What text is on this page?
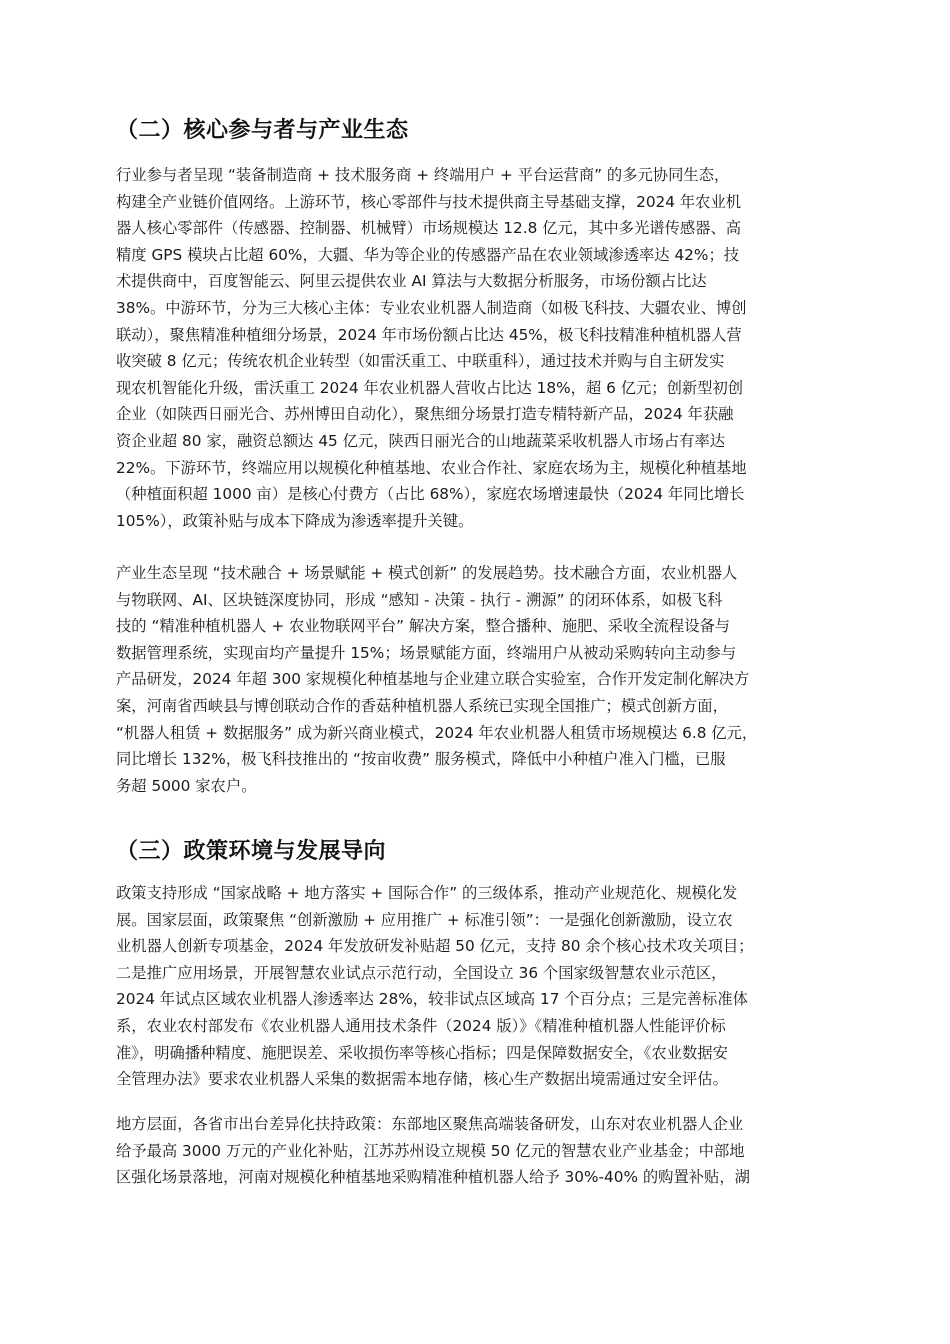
（二）核心参与者与产业生态
行业参与者呈现 “装备制造商 + 技术服务商 + 终端用户 + 平台运营商” 的多元协同生态，
构建全产业链价值网络。上游环节，核心零部件与技术提供商主导基础支撑，2024 年农业机
器人核心零部件（传感器、控制器、机械臂）市场规模达 12.8 亿元，其中多光谱传感器、高
精度 GPS 模块占比超 60%，大疆、华为等企业的传感器产品在农业领域渗透率达 42%；技
术提供商中，百度智能云、阿里云提供农业 AI 算法与大数据分析服务，市场份额占比达
38%。中游环节，分为三大核心主体：专业农业机器人制造商（如极飞科技、大疆农业、博创
联动），聚焦精准种植细分场景，2024 年市场份额占比达 45%，极飞科技精准种植机器人营
收突破 8 亿元；传统农机企业转型（如雷沃重工、中联重科），通过技术并购与自主研发实
现农机智能化升级，雷沃重工 2024 年农业机器人营收占比达 18%，超 6 亿元；创新型初创
企业（如陕西日丽光合、苏州博田自动化），聚焦细分场景打造专精特新产品，2024 年获融
资企业超 80 家，融资总额达 45 亿元，陕西日丽光合的山地蔬菜采收机器人市场占有率达
22%。下游环节，终端应用以规模化种植基地、农业合作社、家庭农场为主，规模化种植基地
（种植面积超 1000 亩）是核心付费方（占比 68%），家庭农场增速最快（2024 年同比增长
105%），政策补贴与成本下降成为渗透率提升关键。
产业生态呈现 “技术融合 + 场景赋能 + 模式创新” 的发展趋势。技术融合方面，农业机器人
与物联网、AI、区块链深度协同，形成 “感知 - 决策 - 执行 - 溯源” 的闭环体系，如极飞科
技的 “精准种植机器人 + 农业物联网平台” 解决方案，整合播种、施肥、采收全流程设备与
数据管理系统，实现亩均产量提升 15%；场景赋能方面，终端用户从被动采购转向主动参与
产品研发，2024 年超 300 家规模化种植基地与企业建立联合实验室，合作开发定制化解决方
案，河南省西峡县与博创联动合作的香菇种植机器人系统已实现全国推广；模式创新方面，
“机器人租赁 + 数据服务” 成为新兴商业模式，2024 年农业机器人租赁市场规模达 6.8 亿元，
同比增长 132%，极飞科技推出的 “按亩收费” 服务模式，降低中小种植户准入门槛，已服
务超 5000 家农户。
（三）政策环境与发展导向
政策支持形成 “国家战略 + 地方落实 + 国际合作” 的三级体系，推动产业规范化、规模化发
展。国家层面，政策聚焦 “创新激励 + 应用推广 + 标准引领”：一是强化创新激励，设立农
业机器人创新专项基金，2024 年发放研发补贴超 50 亿元，支持 80 余个核心技术攻关项目；
二是推广应用场景，开展智慧农业试点示范行动，全国设立 36 个国家级智慧农业示范区，
2024 年试点区域农业机器人渗透率达 28%，较非试点区域高 17 个百分点；三是完善标准体
系，农业农村部发布《农业机器人通用技术条件（2024 版）》《精准种植机器人性能评价标
准》，明确播种精度、施肥误差、采收损伤率等核心指标；四是保障数据安全，《农业数据安
全管理办法》要求农业机器人采集的数据需本地存储，核心生产数据出境需通过安全评估。
地方层面，各省市出台差异化扶持政策：东部地区聚焦高端装备研发，山东对农业机器人企业
给予最高 3000 万元的产业化补贴，江苏苏州设立规模 50 亿元的智慧农业产业基金；中部地
区强化场景落地，河南对规模化种植基地采购精准种植机器人给予 30%-40% 的购置补贴，湖
